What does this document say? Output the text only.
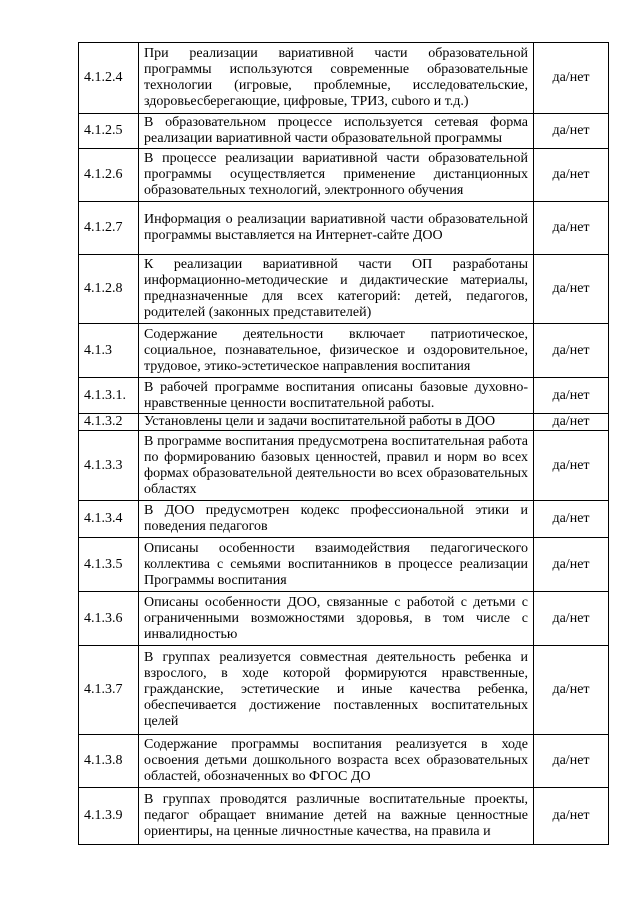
4.1.2.4	При реализации вариативной части образовательной программы используются современные образовательные технологии (игровые, проблемные, исследовательские, здоровьесберегающие, цифровые, ТРИЗ, cuboro и т.д.)	да/нет
4.1.2.5	В образовательном процессе используется сетевая форма реализации вариативной части образовательной программы	да/нет
4.1.2.6	В процессе реализации вариативной части образовательной программы осуществляется применение дистанционных образовательных технологий, электронного обучения	да/нет
4.1.2.7	Информация о реализации вариативной части образовательной программы выставляется на Интернет-сайте ДОО	да/нет
4.1.2.8	К реализации вариативной части ОП разработаны информационно-методические и дидактические материалы, предназначенные для всех категорий: детей, педагогов, родителей (законных представителей)	да/нет
4.1.3	Содержание деятельности включает патриотическое, социальное, познавательное, физическое и оздоровительное, трудовое, этико-эстетическое направления воспитания	да/нет
4.1.3.1.	В рабочей программе воспитания описаны базовые духовно-нравственные ценности воспитательной работы.	да/нет
4.1.3.2	Установлены цели и задачи воспитательной работы в ДОО	да/нет
4.1.3.3	В программе воспитания предусмотрена воспитательная работа по формированию базовых ценностей, правил и норм во всех формах образовательной деятельности во всех образовательных областях	да/нет
4.1.3.4	В ДОО предусмотрен кодекс профессиональной этики и поведения педагогов	да/нет
4.1.3.5	Описаны особенности взаимодействия педагогического коллектива с семьями воспитанников в процессе реализации Программы воспитания	да/нет
4.1.3.6	Описаны особенности ДОО, связанные с работой с детьми с ограниченными возможностями здоровья, в том числе с инвалидностью	да/нет
4.1.3.7	В группах реализуется совместная деятельность ребенка и взрослого, в ходе которой формируются нравственные, гражданские, эстетические и иные качества ребенка, обеспечивается достижение поставленных воспитательных целей	да/нет
4.1.3.8	Содержание программы воспитания реализуется в ходе освоения детьми дошкольного возраста всех образовательных областей, обозначенных во ФГОС ДО	да/нет
4.1.3.9	В группах проводятся различные воспитательные проекты, педагог обращает внимание детей на важные ценностные ориентиры, на ценные личностные качества, на правила и	да/нет
